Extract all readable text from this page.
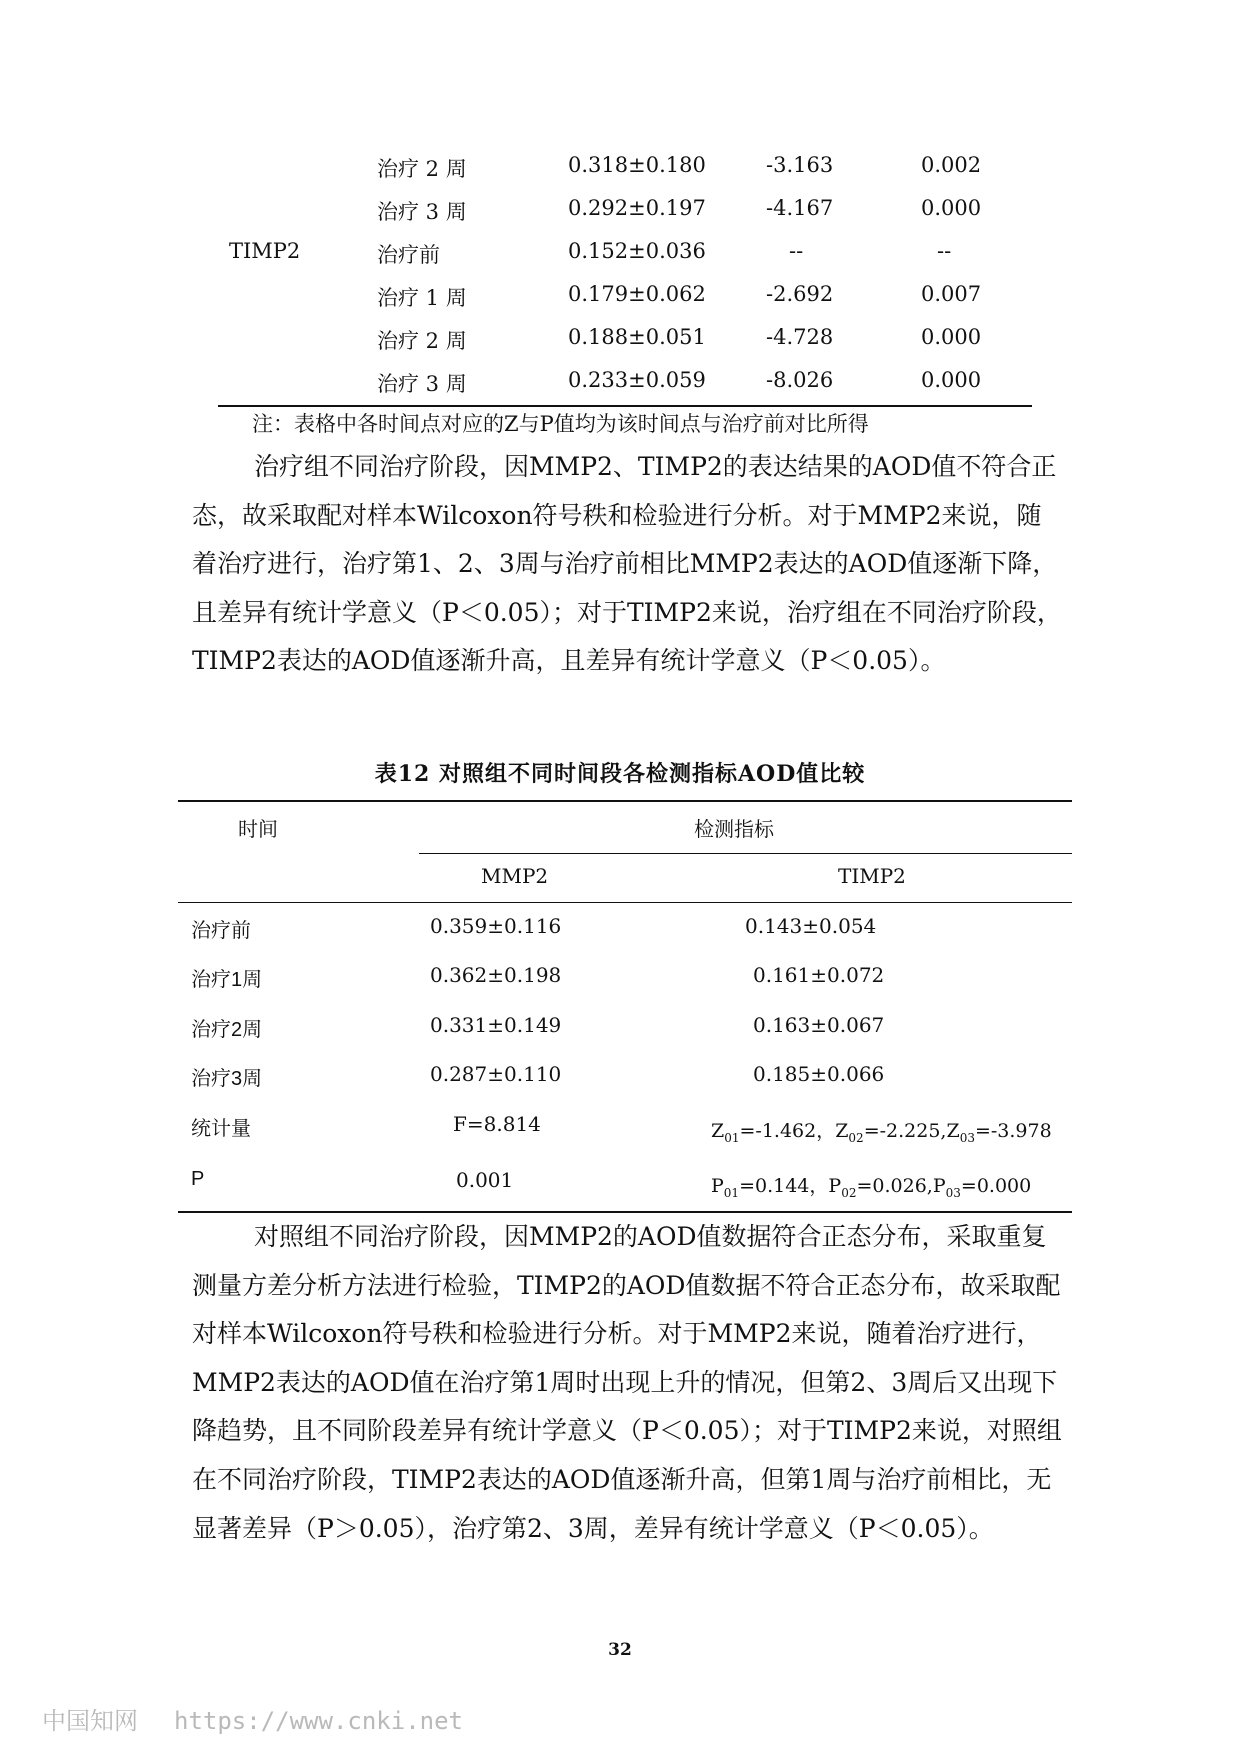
治疗 2 周	0.318±0.180	-3.163	0.002
治疗 3 周	0.292±0.197	-4.167	0.000
TIMP2	治疗前	0.152±0.036	--	--
治疗 1 周	0.179±0.062	-2.692	0.007
治疗 2 周	0.188±0.051	-4.728	0.000
治疗 3 周	0.233±0.059	-8.026	0.000
注：表格中各时间点对应的Z与P值均为该时间点与治疗前对比所得

治疗组不同治疗阶段，因MMP2、TIMP2的表达结果的AOD值不符合正态，故采取配对样本Wilcoxon符号秩和检验进行分析。对于MMP2来说，随着治疗进行，治疗第1、2、3周与治疗前相比MMP2表达的AOD值逐渐下降，且差异有统计学意义（P＜0.05）；对于TIMP2来说，治疗组在不同治疗阶段，TIMP2表达的AOD值逐渐升高，且差异有统计学意义（P＜0.05）。

表12 对照组不同时间段各检测指标AOD值比较
时间	检测指标
MMP2	TIMP2
治疗前	0.359±0.116	0.143±0.054
治疗1周	0.362±0.198	0.161±0.072
治疗2周	0.331±0.149	0.163±0.067
治疗3周	0.287±0.110	0.185±0.066
统计量	F=8.814	$Z_{01}=-1.462$，$Z_{02}=-2.225,Z_{03}=-3.978$
P	0.001	$P_{01}=0.144$，$P_{02}=0.026,P_{03}=0.000$

对照组不同治疗阶段，因MMP2的AOD值数据符合正态分布，采取重复测量方差分析方法进行检验，TIMP2的AOD值数据不符合正态分布，故采取配对样本Wilcoxon符号秩和检验进行分析。对于MMP2来说，随着治疗进行，MMP2表达的AOD值在治疗第1周时出现上升的情况，但第2、3周后又出现下降趋势，且不同阶段差异有统计学意义（P＜0.05）；对于TIMP2来说，对照组在不同治疗阶段，TIMP2表达的AOD值逐渐升高，但第1周与治疗前相比，无显著差异（P＞0.05），治疗第2、3周，差异有统计学意义（P＜0.05）。

32
中国知网 https://www.cnki.net
